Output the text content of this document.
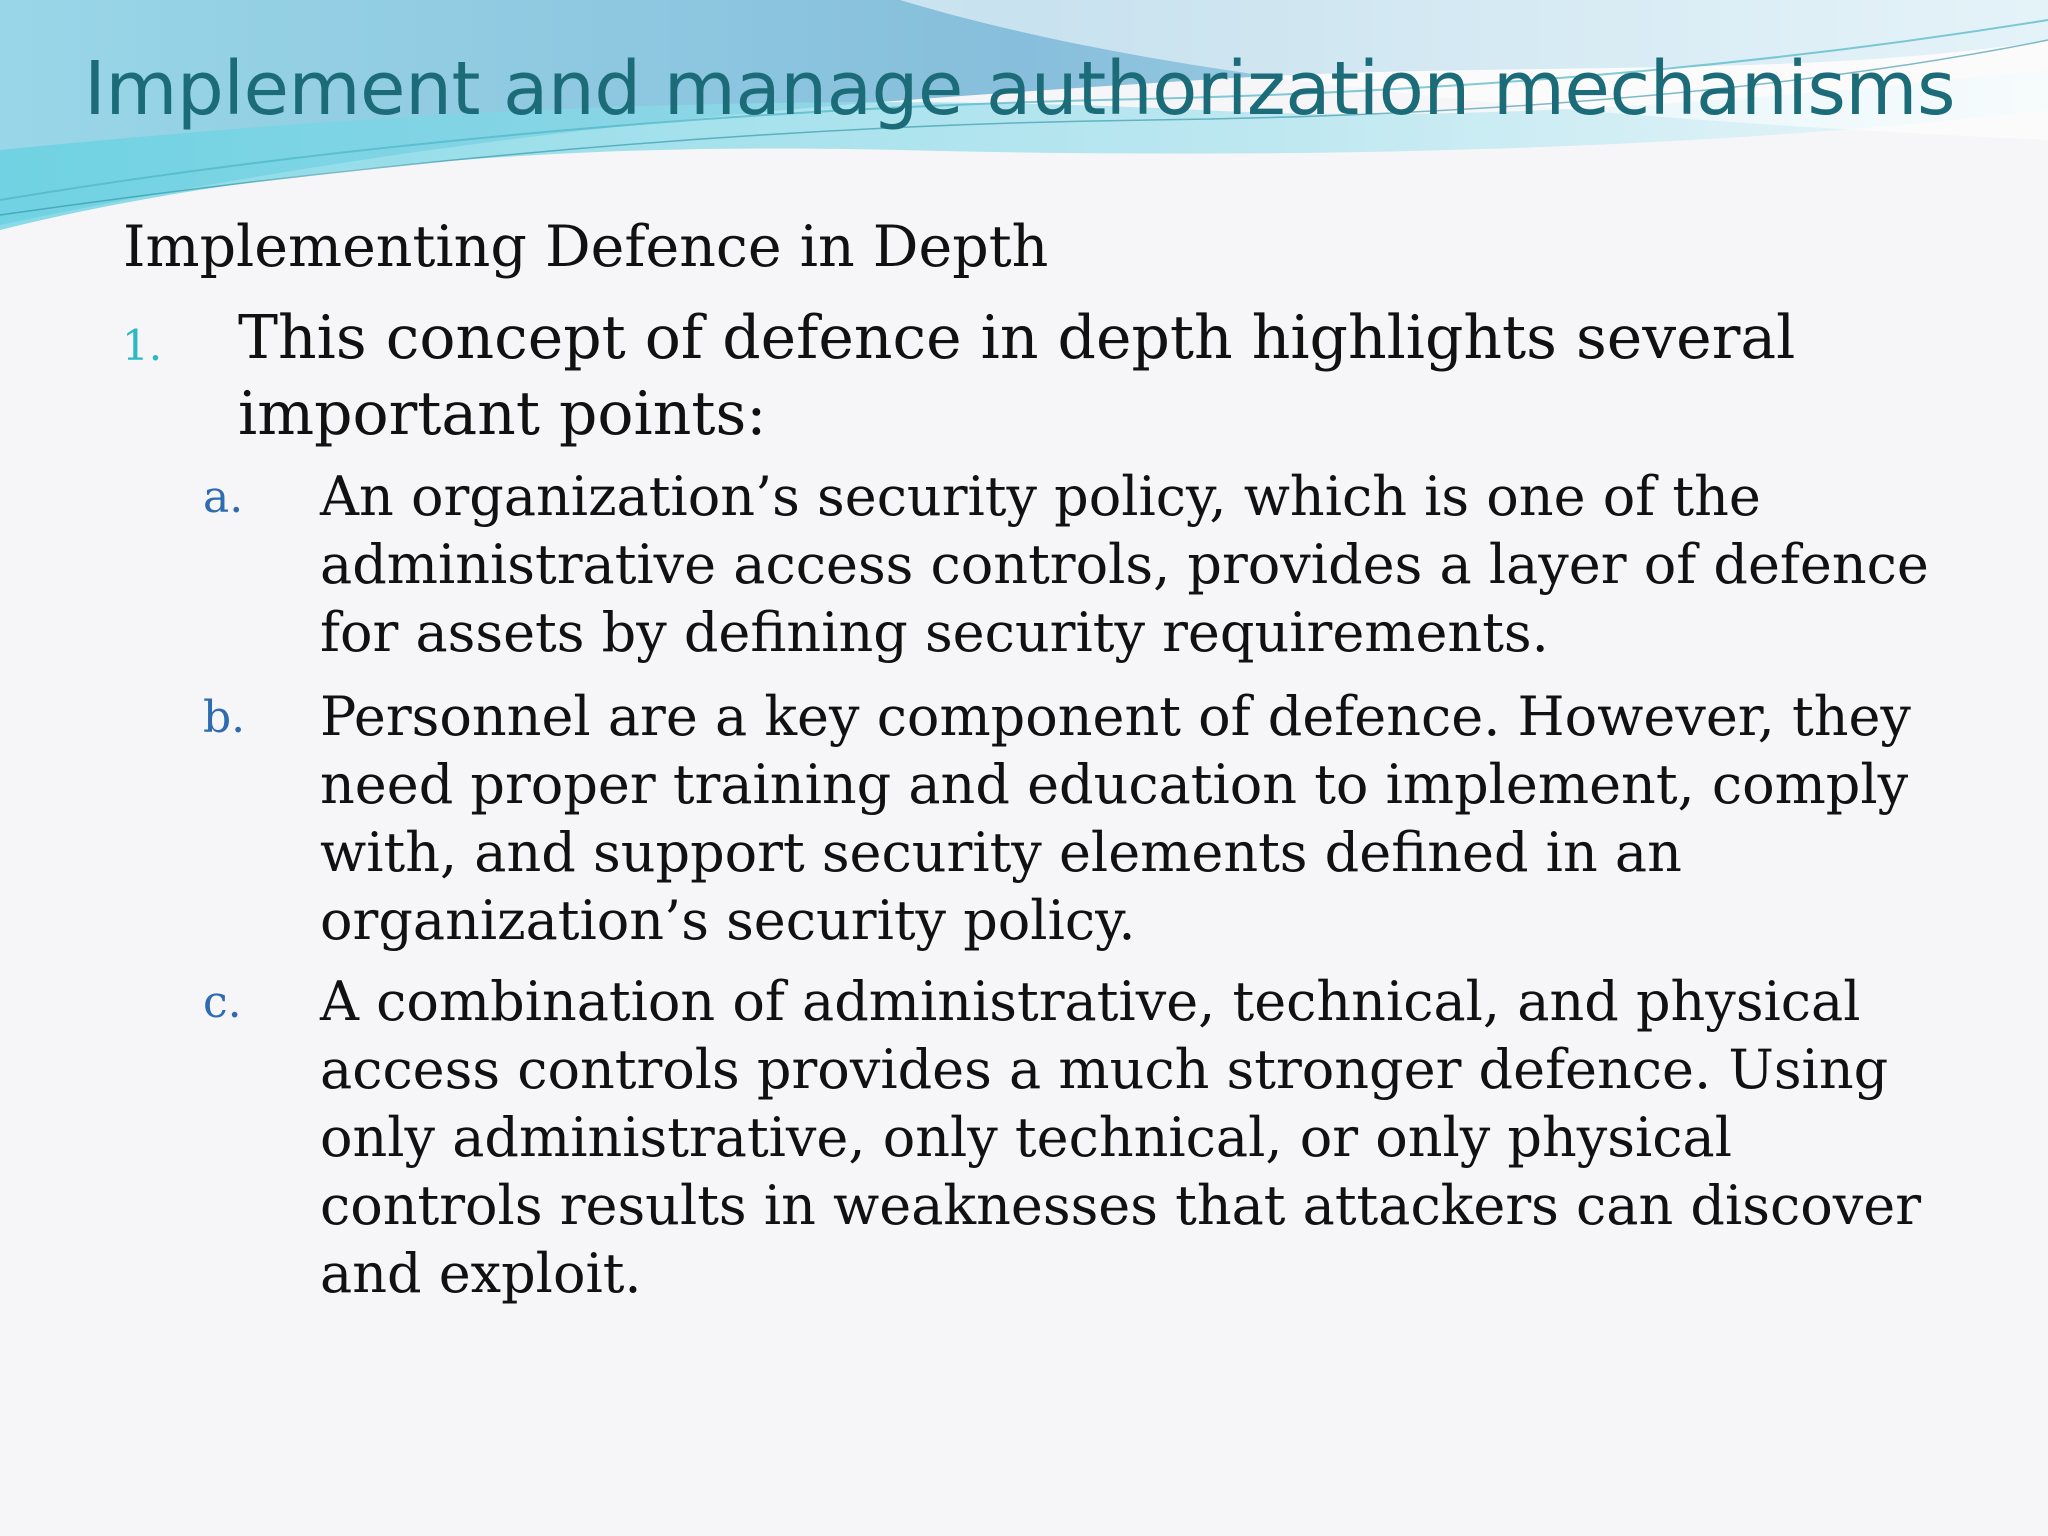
Implement and manage authorization mechanisms
Implementing Defence in Depth
1. This concept of defence in depth highlights several
important points:
a. An organization’s security policy, which is one of the
administrative access controls, provides a layer of defence
for assets by defining security requirements.
b. Personnel are a key component of defence. However, they
need proper training and education to implement, comply
with, and support security elements defined in an
organization’s security policy.
c. A combination of administrative, technical, and physical
access controls provides a much stronger defence. Using
only administrative, only technical, or only physical
controls results in weaknesses that attackers can discover
and exploit.
